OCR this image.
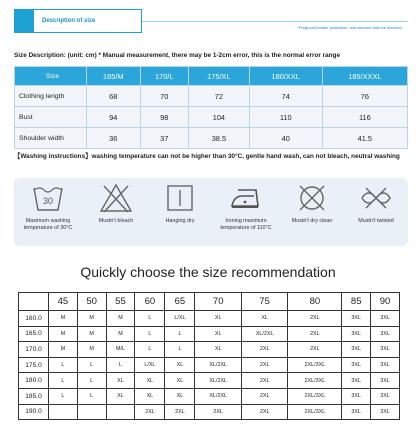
Description of size
*Pregnant mother protection, rest assured that the election!
Size Description: (unit: cm) * Manual measurement, there may be 1-2cm error, this is the normal error range
Size	165/M	170/L	175/XL	180/XXL	185/XXXL
Clothing length	68	70	72	74	76
Bust	94	98	104	110	116
Shoulder width	36	37	38.5	40	41.5
【Washing instructions】washing temperature can not be higher than 30°C, gentle hand wash, can not bleach, neutral washing
30
Maximum washing
temperature of 30°C
Mustn't bleach	Hanging dry	Ironing maximum
temperature of 110°C
Mustn't dry clean	Mustn't twisted

Quickly choose the size recommendation
	45	50	55	60	65	70	75	80	85	90
160.0	M	M	M	L	L/XL	XL	XL	2XL	3XL	3XL
165.0	M	M	M	L	L	XL	XL/2XL	2XL	3XL	3XL
170.0	M	M	M/L	L	L	XL	2XL	2XL	3XL	3XL
175.0	L	L	L	L/XL	XL	XL/2XL	2XL	2XL/3XL	3XL	3XL
180.0	L	L	XL	XL	XL	XL/2XL	2XL	2XL/3XL	3XL	3XL
185.0	L	L	XL	XL	XL	XL/2XL	2XL	2XL/3XL	3XL	3XL
190.0				2XL	2XL	2XL	2XL	2XL/3XL	3XL	3XL
